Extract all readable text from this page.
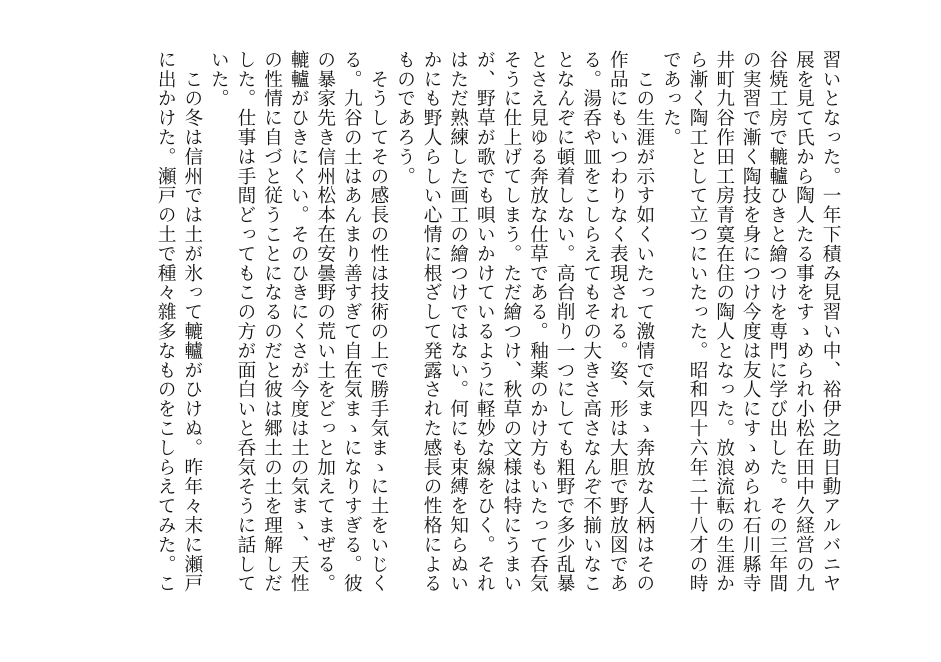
習いとなった。一年下積み見習い中、裕伊之助日動アルバニヤ
展を見て氏から陶人たる事をすゝめられ小松在田中久経営の九
谷焼工房で轆轤ひきと繪つけを専門に学び出した。その三年間
の実習で漸く陶技を身につけ今度は友人にすゝめられ石川縣寺
井町九谷作田工房青寞在住の陶人となった。放浪流転の生涯か
ら漸く陶工として立つにいたった。昭和四十六年二十八才の時
であった。
　この生涯が示す如くいたって激情で気まゝ奔放な人柄はその
作品にもいつわりなく表現される。姿、形は大胆で野放図であ
る。湯呑や皿をこしらえてもその大きさ高さなんぞ不揃いなこ
となんぞに頓着しない。高台削り一つにしても粗野で多少乱暴
とさえ見ゆる奔放な仕草である。釉薬のかけ方もいたって呑気
そうに仕上げてしまう。ただ繪つけ、秋草の文様は特にうまい
が、野草が歌でも唄いかけているように軽妙な線をひく。それ
はただ熟練した画工の繪つけではない。何にも束縛を知らぬい
かにも野人らしい心情に根ざして発露された感長の性格による
ものであろう。
　そうしてその感長の性は技術の上で勝手気まゝに土をいじく
る。九谷の土はあんまり善すぎて自在気まゝになりすぎる。彼
の暴家先き信州松本在安曇野の荒い土をどっと加えてまぜる。
轆轤がひきにくい。そのひきにくさが今度は土の気まゝ、天性
の性情に自づと従うことになるのだと彼は郷土の土を理解しだ
した。仕事は手間どってもこの方が面白いと呑気そうに話して
いた。
　この冬は信州では土が氷って轆轤がひけぬ。昨年々末に瀬戸
に出かけた。瀬戸の土で種々雜多なものをこしらえてみた。こ
